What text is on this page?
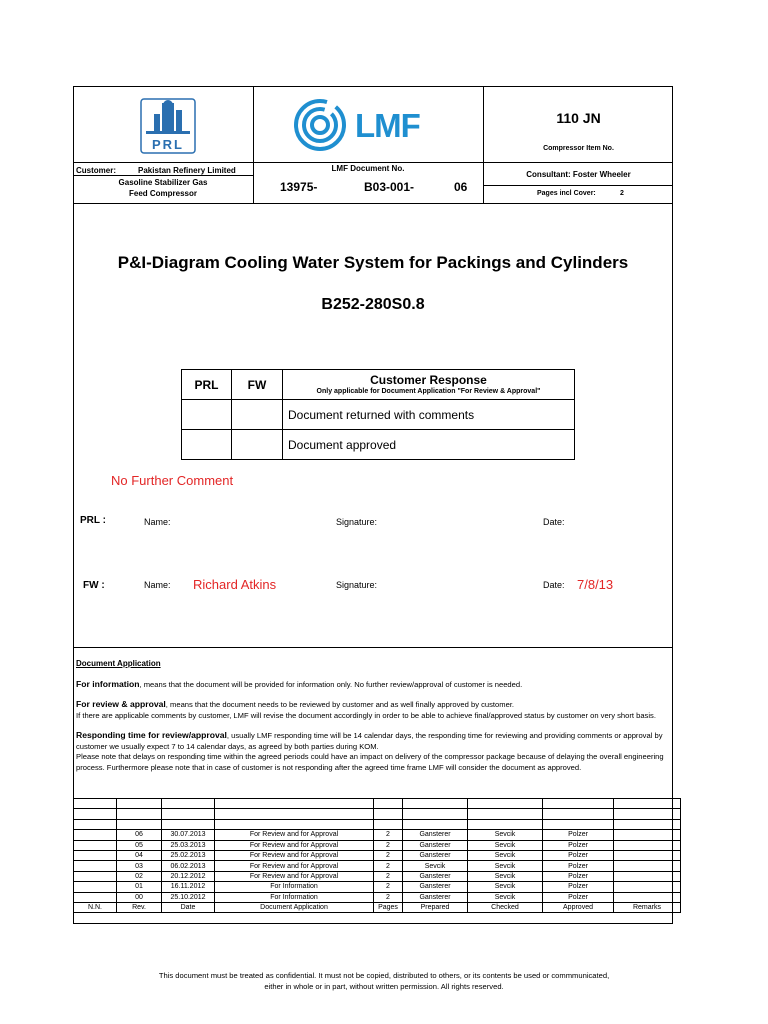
PRL
LMF	110 JN
Compressor Item No.
Customer:	Pakistan Refinery Limited
Gasoline Stabilizer Gas
Feed Compressor
LMF Document No.
13975-	B03-001-	06
Consultant: Foster Wheeler
Pages incl Cover:	2
P&I-Diagram Cooling Water System for Packings and Cylinders
B252-280S0.8
PRL	FW	Customer Response
Only applicable for Document Application "For Review & Approval"

		Document returned with comments
		Document approved
No Further Comment
PRL :	Name:	Signature:	Date:
FW :	Name: Richard Atkins	Signature:	Date: 7/8/13
Document Application
For information, means that the document will be provided for information only. No further review/approval of customer is needed.
For review & approval, means that the document needs to be reviewed by customer and as well finally approved by customer.
If there are applicable comments by customer, LMF will revise the document accordingly in order to be able to achieve final/approved status by customer on very short basis.
Responding time for review/approval, usually LMF responding time will be 14 calendar days, the responding time for reviewing and providing comments or approval by customer we usually expect 7 to 14 calendar days, as agreed by both parties during KOM.
Please note that delays on responding time within the agreed periods could have an impact on delivery of the compressor package because of delaying the overall engineering process. Furthermore please note that in case of customer is not responding after the agreed time frame LMF will consider the document as approved.

	06	30.07.2013	For Review and for Approval	2	Gansterer	Sevcik	Polzer	
	05	25.03.2013	For Review and for Approval	2	Gansterer	Sevcik	Polzer	
	04	25.02.2013	For Review and for Approval	2	Gansterer	Sevcik	Polzer	
	03	06.02.2013	For Review and for Approval	2	Sevcik	Sevcik	Polzer	
	02	20.12.2012	For Review and for Approval	2	Gansterer	Sevcik	Polzer	
	01	16.11.2012	For Information	2	Gansterer	Sevcik	Polzer	
	00	25.10.2012	For Information	2	Gansterer	Sevcik	Polzer	
N.N.	Rev.	Date	Document Application	Pages	Prepared	Checked	Approved	Remarks
This document must be treated as confidential. It must not be copied, distributed to others, or its contents be used or commmunicated,
either in whole or in part, without written permission. All rights reserved.
